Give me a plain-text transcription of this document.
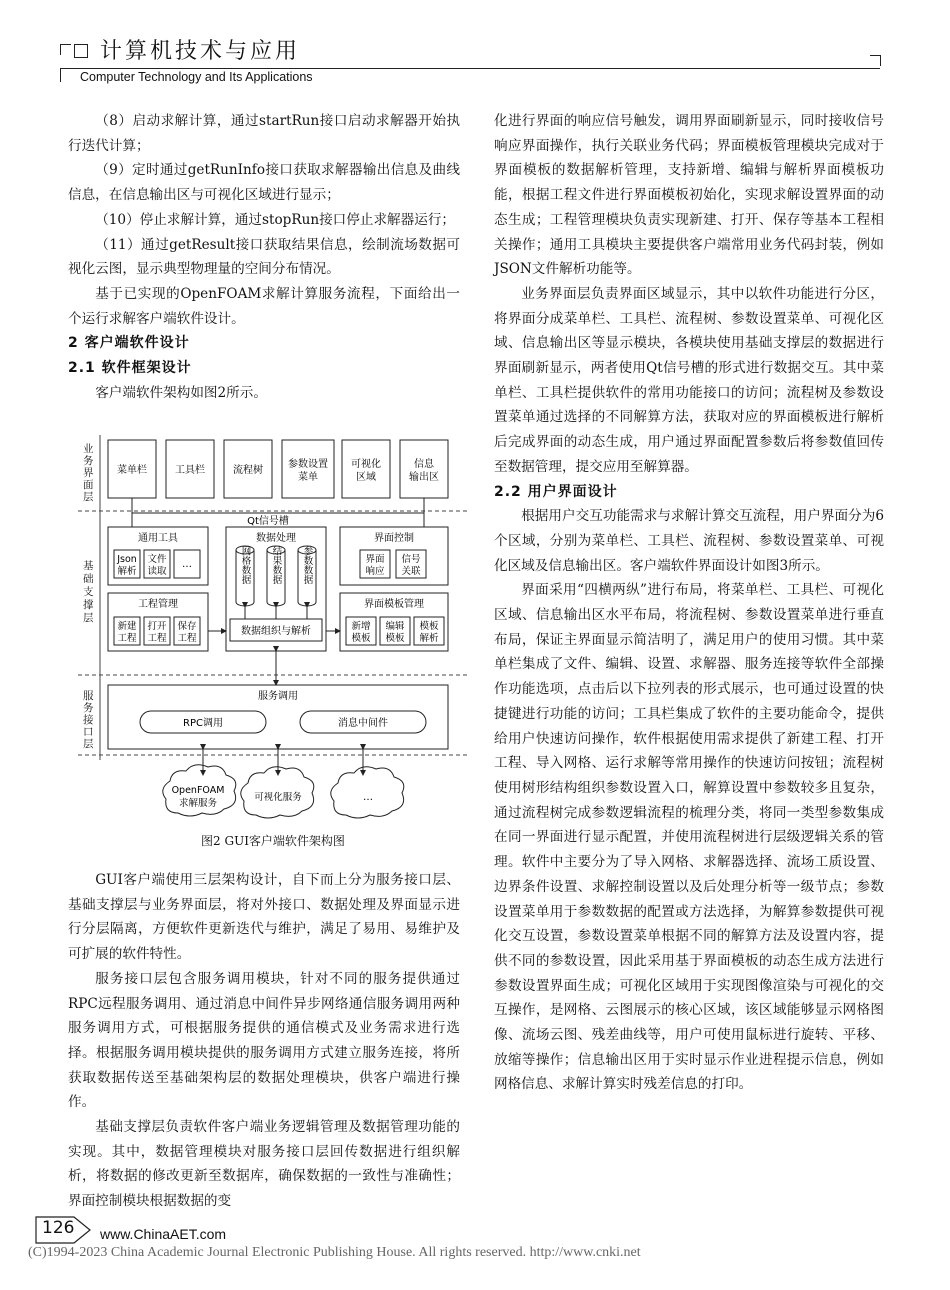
计算机技术与应用
Computer Technology and Its Applications

（8）启动求解计算，通过startRun接口启动求解器开始执行迭代计算；

（9）定时通过getRunInfo接口获取求解器输出信息及曲线信息，在信息输出区与可视化区域进行显示；

（10）停止求解计算，通过stopRun接口停止求解器运行；

（11）通过getResult接口获取结果信息，绘制流场数据可视化云图，显示典型物理量的空间分布情况。

基于已实现的OpenFOAM求解计算服务流程，下面给出一个运行求解客户端软件设计。

2 客户端软件设计

2.1 软件框架设计

客户端软件架构如图2所示。

菜单栏	工具栏	流程树
参数设置
菜单
可视化
区域
信息
输出区
Qt信号槽
通用工具
Json
解析
文件
读取
…
工程管理
新建
工程
打开
工程
保存
工程
数据处理
网格数据 结果数据 参数数据
数据组织与解析
界面控制
界面
响应
信号
关联
界面模板管理
新增
模板
编辑
模板
模板
解析
服务调用
RPC调用	消息中间件
OpenFOAM
求解服务
可视化服务	…
业务界面层
基础支撑层
服务接口层
图2 GUI客户端软件架构图

GUI客户端使用三层架构设计，自下而上分为服务接口层、基础支撑层与业务界面层，将对外接口、数据处理及界面显示进行分层隔离，方便软件更新迭代与维护，满足了易用、易维护及可扩展的软件特性。

服务接口层包含服务调用模块，针对不同的服务提供通过RPC远程服务调用、通过消息中间件异步网络通信服务调用两种服务调用方式，可根据服务提供的通信模式及业务需求进行选择。根据服务调用模块提供的服务调用方式建立服务连接，将所获取数据传送至基础架构层的数据处理模块，供客户端进行操作。

基础支撑层负责软件客户端业务逻辑管理及数据管理功能的实现。其中，数据管理模块对服务接口层回传数据进行组织解析，将数据的修改更新至数据库，确保数据的一致性与准确性；界面控制模块根据数据的变

化进行界面的响应信号触发，调用界面刷新显示，同时接收信号响应界面操作，执行关联业务代码；界面模板管理模块完成对于界面模板的数据解析管理，支持新增、编辑与解析界面模板功能，根据工程文件进行界面模板初始化，实现求解设置界面的动态生成；工程管理模块负责实现新建、打开、保存等基本工程相关操作；通用工具模块主要提供客户端常用业务代码封装，例如JSON文件解析功能等。

业务界面层负责界面区域显示，其中以软件功能进行分区，将界面分成菜单栏、工具栏、流程树、参数设置菜单、可视化区域、信息输出区等显示模块，各模块使用基础支撑层的数据进行界面刷新显示，两者使用Qt信号槽的形式进行数据交互。其中菜单栏、工具栏提供软件的常用功能接口的访问；流程树及参数设置菜单通过选择的不同解算方法，获取对应的界面模板进行解析后完成界面的动态生成，用户通过界面配置参数后将参数值回传至数据管理，提交应用至解算器。

2.2 用户界面设计

根据用户交互功能需求与求解计算交互流程，用户界面分为6个区域，分别为菜单栏、工具栏、流程树、参数设置菜单、可视化区域及信息输出区。客户端软件界面设计如图3所示。

界面采用“四横两纵”进行布局，将菜单栏、工具栏、可视化区域、信息输出区水平布局，将流程树、参数设置菜单进行垂直布局，保证主界面显示简洁明了，满足用户的使用习惯。其中菜单栏集成了文件、编辑、设置、求解器、服务连接等软件全部操作功能选项，点击后以下拉列表的形式展示，也可通过设置的快捷键进行功能的访问；工具栏集成了软件的主要功能命令，提供给用户快速访问操作，软件根据使用需求提供了新建工程、打开工程、导入网格、运行求解等常用操作的快速访问按钮；流程树使用树形结构组织参数设置入口，解算设置中参数较多且复杂，通过流程树完成参数逻辑流程的梳理分类，将同一类型参数集成在同一界面进行显示配置，并使用流程树进行层级逻辑关系的管理。软件中主要分为了导入网格、求解器选择、流场工质设置、边界条件设置、求解控制设置以及后处理分析等一级节点；参数设置菜单用于参数数据的配置或方法选择，为解算参数提供可视化交互设置，参数设置菜单根据不同的解算方法及设置内容，提供不同的参数设置，因此采用基于界面模板的动态生成方法进行参数设置界面生成；可视化区域用于实现图像渲染与可视化的交互操作，是网格、云图展示的核心区域，该区域能够显示网格图像、流场云图、残差曲线等，用户可使用鼠标进行旋转、平移、放缩等操作；信息输出区用于实时显示作业进程提示信息，例如网格信息、求解计算实时残差信息的打印。

126 www.ChinaAET.com
(C)1994-2023 China Academic Journal Electronic Publishing House. All rights reserved. http://www.cnki.net
